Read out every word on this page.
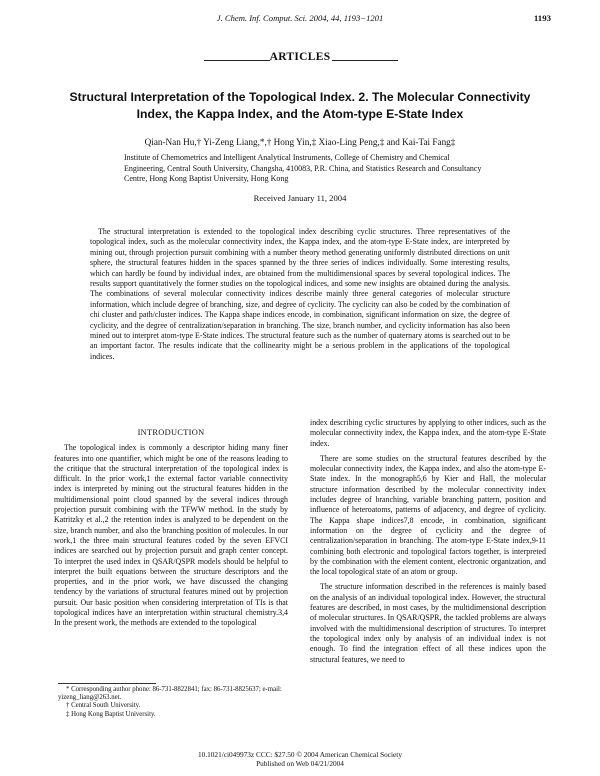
J. Chem. Inf. Comput. Sci. 2004, 44, 1193−1201	1193
ARTICLES
Structural Interpretation of the Topological Index. 2. The Molecular Connectivity Index, the Kappa Index, and the Atom-type E-State Index
Qian-Nan Hu,† Yi-Zeng Liang,*,† Hong Yin,‡ Xiao-Ling Peng,‡ and Kai-Tai Fang‡
Institute of Chemometrics and Intelligent Analytical Instruments, College of Chemistry and Chemical Engineering, Central South University, Changsha, 410083, P.R. China, and Statistics Research and Consultancy Centre, Hong Kong Baptist University, Hong Kong
Received January 11, 2004
The structural interpretation is extended to the topological index describing cyclic structures. Three representatives of the topological index, such as the molecular connectivity index, the Kappa index, and the atom-type E-State index, are interpreted by mining out, through projection pursuit combining with a number theory method generating uniformly distributed directions on unit sphere, the structural features hidden in the spaces spanned by the three series of indices individually. Some interesting results, which can hardly be found by individual index, are obtained from the multidimensional spaces by several topological indices. The results support quantitatively the former studies on the topological indices, and some new insights are obtained during the analysis. The combinations of several molecular connectivity indices describe mainly three general categories of molecular structure information, which include degree of branching, size, and degree of cyclicity. The cyclicity can also be coded by the combination of chi cluster and path/cluster indices. The Kappa shape indices encode, in combination, significant information on size, the degree of cyclicity, and the degree of centralization/separation in branching. The size, branch number, and cyclicity information has also been mined out to interpret atom-type E-State indices. The structural feature such as the number of quaternary atoms is searched out to be an important factor. The results indicate that the collinearity might be a serious problem in the applications of the topological indices.
INTRODUCTION

The topological index is commonly a descriptor hiding many finer features into one quantifier, which might be one of the reasons leading to the critique that the structural interpretation of the topological index is difficult. In the prior work,1 the external factor variable connectivity index is interpreted by mining out the structural features hidden in the multidimensional point cloud spanned by the several indices through projection pursuit combining with the TFWW method. In the study by Katritzky et al.,2 the retention index is analyzed to be dependent on the size, branch number, and also the branching position of molecules. In our work,1 the three main structural features coded by the seven EFVCI indices are searched out by projection pursuit and graph center concept. To interpret the used index in QSAR/QSPR models should be helpful to interpret the built equations between the structure descriptors and the properties, and in the prior work, we have discussed the changing tendency by the variations of structural features mined out by projection pursuit. Our basic position when considering interpretation of TIs is that topological indices have an interpretation within structural chemistry.3,4 In the present work, the methods are extended to the topological

index describing cyclic structures by applying to other indices, such as the molecular connectivity index, the Kappa index, and the atom-type E-State index.

There are some studies on the structural features described by the molecular connectivity index, the Kappa index, and also the atom-type E-State index. In the monograph5,6 by Kier and Hall, the molecular structure information described by the molecular connectivity index includes degree of branching, variable branching pattern, position and influence of heteroatoms, patterns of adjacency, and degree of cyclicity. The Kappa shape indices7,8 encode, in combination, significant information on the degree of cyclicity and the degree of centralization/separation in branching. The atom-type E-State index,9-11 combining both electronic and topological factors together, is interpreted by the combination with the element content, electronic organization, and the local topological state of an atom or group.

The structure information described in the references is mainly based on the analysis of an individual topological index. However, the structural features are described, in most cases, by the multidimensional description of molecular structures. In QSAR/QSPR, the tackled problems are always involved with the multidimensional description of structures. To interpret the topological index only by analysis of an individual index is not enough. To find the integration effect of all these indices upon the structural features, we need to

* Corresponding author phone: 86-731-8822841; fax: 86-731-8825637; e-mail: yizeng_liang@263.net.
† Central South University.
‡ Hong Kong Baptist University.
10.1021/ci049973z CCC: $27.50 © 2004 American Chemical Society
Published on Web 04/21/2004
